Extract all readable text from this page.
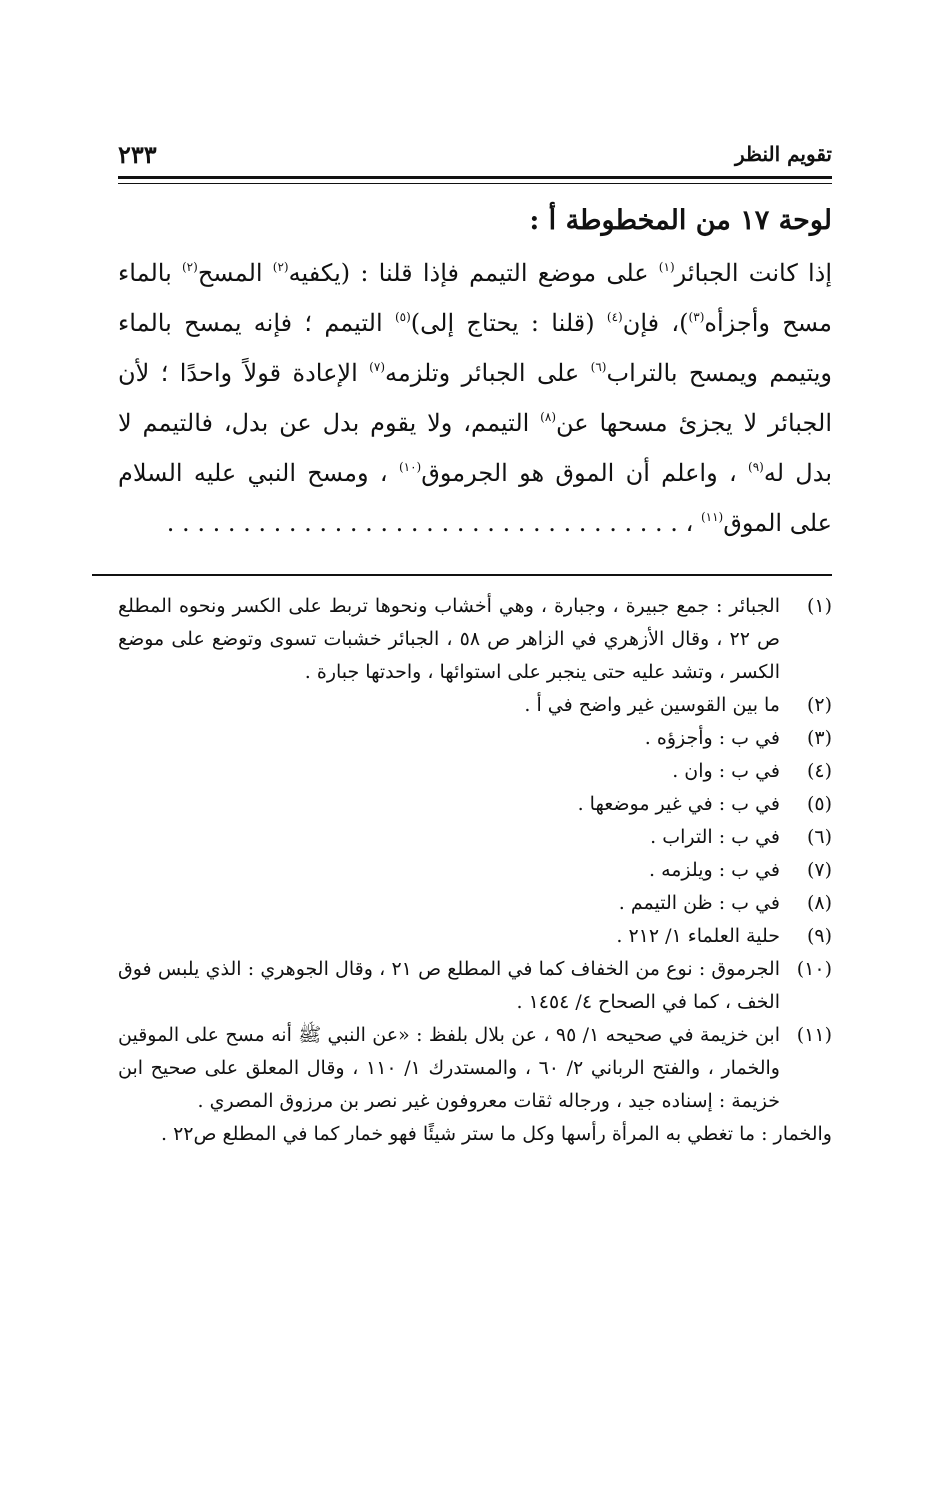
تقويم النظر
٢٣٣

لوحة ١٧ من المخطوطة أ :

إذا كانت الجبائر$^{(١)}$ على موضع التيمم فإذا قلنا : (يكفيه$^{(٢)}$ المسح$^{(٢)}$ بالماء مسح وأجزأه$^{(٣)}$)، فإن$^{(٤)}$ (قلنا : يحتاج إلى)$^{(٥)}$ التيمم ؛ فإنه يمسح بالماء ويتيمم ويمسح بالتراب$^{(٦)}$ على الجبائر وتلزمه$^{(٧)}$ الإعادة قولاً واحدًا ؛ لأن الجبائر لا يجزئ مسحها عن$^{(٨)}$ التيمم، ولا يقوم بدل عن بدل، فالتيمم لا بدل له$^{(٩)}$ ، واعلم أن الموق هو الجرموق$^{(١٠)}$ ، ومسح النبي عليه السلام على الموق$^{(١١)}$ ، . . . . . . . . . . . . . . . . . . . . . . . . . . . . . . . . . .

(١)
الجبائر : جمع جبيرة ، وجبارة ، وهي أخشاب ونحوها تربط على الكسر ونحوه المطلع ص ٢٢ ، وقال الأزهري في الزاهر ص ٥٨ ، الجبائر خشبات تسوى وتوضع على موضع الكسر ، وتشد عليه حتى ينجبر على استوائها ، واحدتها جبارة .

(٢)
ما بين القوسين غير واضح في أ .

(٣)
في ب : وأجزؤه .

(٤)
في ب : وان .

(٥)
في ب : في غير موضعها .

(٦)
في ب : التراب .

(٧)
في ب : ويلزمه .

(٨)
في ب : ظن التيمم .

(٩)
حلية العلماء ١/ ٢١٢ .

(١٠)
الجرموق : نوع من الخفاف كما في المطلع ص ٢١ ، وقال الجوهري : الذي يلبس فوق الخف ، كما في الصحاح ٤/ ١٤٥٤ .

(١١)
ابن خزيمة في صحيحه ١/ ٩٥ ، عن بلال بلفظ : «عن النبي ﷺ أنه مسح على الموقين والخمار ، والفتح الرباني ٢/ ٦٠ ، والمستدرك ١/ ١١٠ ، وقال المعلق على صحيح ابن خزيمة : إسناده جيد ، ورجاله ثقات معروفون غير نصر بن مرزوق المصري .

والخمار : ما تغطي به المرأة رأسها وكل ما ستر شيئًا فهو خمار كما في المطلع ص٢٢ .
